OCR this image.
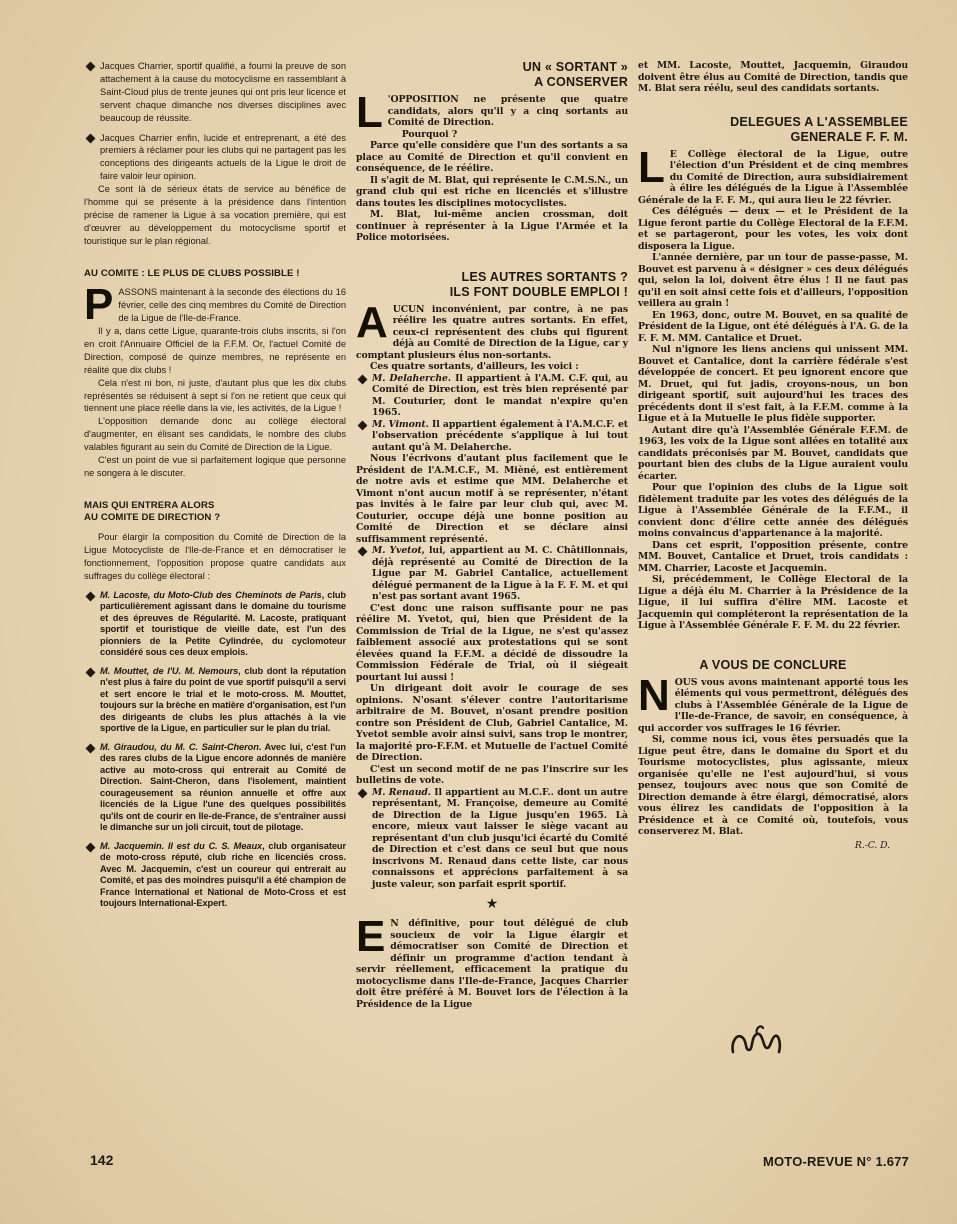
Jacques Charrier, sportif qualifié, a fourni la preuve de son attachement à la cause du motocyclisme en rassemblant à Saint-Cloud plus de trente jeunes qui ont pris leur licence et servent chaque dimanche nos diverses disciplines avec beaucoup de réussite.

Jacques Charrier enfin, lucide et entreprenant, a été des premiers à réclamer pour les clubs qui ne partagent pas les conceptions des dirigeants actuels de la Ligue le droit de faire valoir leur opinion.

Ce sont là de sérieux états de service au bénéfice de l'homme qui se présente à la présidence dans l'intention précise de ramener la Ligue à sa vocation première, qui est d'œuvrer au développement du motocyclisme sportif et touristique sur le plan régional.

AU COMITE : LE PLUS DE CLUBS POSSIBLE !

PASSONS maintenant à la seconde des élections du 16 février, celle des cinq membres du Comité de Direction de la Ligue de l'Ile-de-France.

Il y a, dans cette Ligue, quarante-trois clubs inscrits, si l'on en croit l'Annuaire Officiel de la F.F.M. Or, l'actuel Comité de Direction, composé de quinze membres, ne représente en réalité que dix clubs !

Cela n'est ni bon, ni juste, d'autant plus que les dix clubs représentés se réduisent à sept si l'on ne retient que ceux qui tiennent une place réelle dans la vie, les activités, de la Ligue !

L'opposition demande donc au collège électoral d'augmenter, en élisant ses candidats, le nombre des clubs valables figurant au sein du Comité de Direction de la Ligue.

C'est un point de vue si parfaitement logique que personne ne songera à le discuter.

MAIS QUI ENTRERA ALORS
AU COMITE DE DIRECTION ?

Pour élargir la composition du Comité de Direction de la Ligue Motocycliste de l'Ile-de-France et en démocratiser le fonctionnement, l'opposition propose quatre candidats aux suffrages du collège électoral :

M. Lacoste, du Moto-Club des Cheminots de Paris, club particulièrement agissant dans le domaine du tourisme et des épreuves de Régularité. M. Lacoste, pratiquant sportif et touristique de vieille date, est l'un des pionniers de la Petite Cylindrée, du cyclomoteur considéré sous ces deux emplois.

M. Mouttet, de l'U. M. Nemours, club dont la réputation n'est plus à faire du point de vue sportif puisqu'il a servi et sert encore le trial et le moto-cross. M. Mouttet, toujours sur la brèche en matière d'organisation, est l'un des dirigeants de clubs les plus attachés à la vie sportive de la Ligue, en particulier sur le plan du trial.

M. Giraudou, du M. C. Saint-Cheron. Avec lui, c'est l'un des rares clubs de la Ligue encore adonnés de manière active au moto-cross qui entrerait au Comité de Direction. Saint-Cheron, dans l'isolement, maintient courageusement sa réunion annuelle et offre aux licenciés de la Ligue l'une des quelques possibilités qu'ils ont de courir en Ile-de-France, de s'entraîner aussi le dimanche sur un joli circuit, tout de pilotage.

M. Jacquemin. Il est du C. S. Meaux, club organisateur de moto-cross réputé, club riche en licenciés cross. Avec M. Jacquemin, c'est un coureur qui entrerait au Comité, et pas des moindres puisqu'il a été champion de France International et National de Moto-Cross et est toujours International-Expert.

UN « SORTANT »
A CONSERVER

L 'OPPOSITION ne présente que quatre candidats, alors qu'il y a cinq sortants au Comité de Direction.

Pourquoi ?

Parce qu'elle considère que l'un des sortants a sa place au Comité de Direction et qu'il convient en conséquence, de le réélire.

Il s'agit de M. Blat, qui représente le C.M.S.N., un grand club qui est riche en licenciés et s'illustre dans toutes les disciplines motocyclistes.

M. Blat, lui-même ancien crossman, doit continuer à représenter à la Ligue l'Armée et la Police motorisées.

LES AUTRES SORTANTS ?
ILS FONT DOUBLE EMPLOI !

AUCUN inconvénient, par contre, à ne pas réélire les quatre autres sortants. En effet, ceux-ci représentent des clubs qui figurent déjà au Comité de Direction de la Ligue, car y comptant plusieurs élus non-sortants.

Ces quatre sortants, d'ailleurs, les voici :

M. Delaherche. Il appartient à l'A.M. C.F. qui, au Comité de Direction, est très bien représenté par M. Couturier, dont le mandat n'expire qu'en 1965.

M. Vimont. Il appartient également à l'A.M.C.F. et l'observation précédente s'applique à lui tout autant qu'à M. Delaherche.

Nous l'écrivons d'autant plus facilement que le Président de l'A.M.C.F., M. Mièné, est entièrement de notre avis et estime que MM. Delaherche et Vimont n'ont aucun motif à se représenter, n'étant pas invités à le faire par leur club qui, avec M. Couturier, occupe déjà une bonne position au Comité de Direction et se déclare ainsi suffisamment représenté.

M. Yvetot, lui, appartient au M. C. Châtillonnais, déjà représenté au Comité de Direction de la Ligue par M. Gabriel Cantalice, actuellement délégué permanent de la Ligue à la F. F. M. et qui n'est pas sortant avant 1965.

C'est donc une raison suffisante pour ne pas réélire M. Yvetot, qui, bien que Président de la Commission de Trial de la Ligue, ne s'est qu'assez faiblement associé aux protestations qui se sont élevées quand la F.F.M. a décidé de dissoudre la Commission Fédérale de Trial, où il siégeait pourtant lui aussi !

Un dirigeant doit avoir le courage de ses opinions. N'osant s'élever contre l'autoritarisme arbitraire de M. Bouvet, n'osant prendre position contre son Président de Club, Gabriel Cantalice, M. Yvetot semble avoir ainsi suivi, sans trop le montrer, la majorité pro-F.F.M. et Mutuelle de l'actuel Comité de Direction.

C'est un second motif de ne pas l'inscrire sur les bulletins de vote.

M. Renaud. Il appartient au M.C.F.. dont un autre représentant, M. Françoise, demeure au Comité de Direction de la Ligue jusqu'en 1965. Là encore, mieux vaut laisser le siège vacant au représentant d'un club jusqu'ici écarté du Comité de Direction et c'est dans ce seul but que nous inscrivons M. Renaud dans cette liste, car nous connaissons et apprécions parfaitement à sa juste valeur, son parfait esprit sportif.

★

E N définitive, pour tout délégué de club soucieux de voir la Ligue élargir et démocratiser son Comité de Direction et définir un programme d'action tendant à servir réellement, efficacement la pratique du motocyclisme dans l'Ile-de-France, Jacques Charrier doit être préféré à M. Bouvet lors de l'élection à la Présidence de la Ligue

et MM. Lacoste, Mouttet, Jacquemin, Giraudou doivent être élus au Comité de Direction, tandis que M. Blat sera réélu, seul des candidats sortants.

DELEGUES A L'ASSEMBLEE
GENERALE F. F. M.

L E Collège électoral de la Ligue, outre l'élection d'un Président et de cinq membres du Comité de Direction, aura subsidiairement à élire les délégués de la Ligue à l'Assemblée Générale de la F. F. M., qui aura lieu le 22 février.

Ces délégués — deux — et le Président de la Ligue feront partie du Collège Electoral de la F.F.M. et se partageront, pour les votes, les voix dont disposera la Ligue.

L'année dernière, par un tour de passe-passe, M. Bouvet est parvenu à « désigner » ces deux délégués qui, selon la loi, doivent être élus ! Il ne faut pas qu'il en soit ainsi cette fois et d'ailleurs, l'opposition veillera au grain !

En 1963, donc, outre M. Bouvet, en sa qualité de Président de la Ligue, ont été délégués à l'A. G. de la F. F. M. MM. Cantalice et Druet.

Nul n'ignore les liens anciens qui unissent MM. Bouvet et Cantalice, dont la carrière fédérale s'est développée de concert. Et peu ignorent encore que M. Druet, qui fut jadis, croyons-nous, un bon dirigeant sportif, suit aujourd'hui les traces des précédents dont il s'est fait, à la F.F.M. comme à la Ligue et à la Mutuelle le plus fidèle supporter.

Autant dire qu'à l'Assemblée Générale F.F.M. de 1963, les voix de la Ligue sont allées en totalité aux candidats préconisés par M. Bouvet, candidats que pourtant bien des clubs de la Ligue auraient voulu écarter.

Pour que l'opinion des clubs de la Ligue soit fidèlement traduite par les votes des délégués de la Ligue à l'Assemblée Générale de la F.F.M., il convient donc d'élire cette année des délégués moins convaincus d'appartenance à la majorité.

Dans cet esprit, l'opposition présente, contre MM. Bouvet, Cantalice et Druet, trois candidats : MM. Charrier, Lacoste et Jacquemin.

Si, précédemment, le Collège Electoral de la Ligue a déjà élu M. Charrier à la Présidence de la Ligue, il lui suffira d'élire MM. Lacoste et Jacquemin qui compléteront la représentation de la Ligue à l'Assemblée Générale F. F. M. du 22 février.

A VOUS DE CONCLURE

NOUS vous avons maintenant apporté tous les éléments qui vous permettront, délégués des clubs à l'Assemblée Générale de la Ligue de l'Ile-de-France, de savoir, en conséquence, à qui accorder vos suffrages le 16 février.

Si, comme nous ici, vous êtes persuadés que la Ligue peut être, dans le domaine du Sport et du Tourisme motocyclistes, plus agissante, mieux organisée qu'elle ne l'est aujourd'hui, si vous pensez, toujours avec nous que son Comité de Direction demande à être élargi, démocratisé, alors vous élirez les candidats de l'opposition à la Présidence et à ce Comité où, toutefois, vous conserverez M. Blat.

R.-C. D.

142	MOTO-REVUE N° 1.677
